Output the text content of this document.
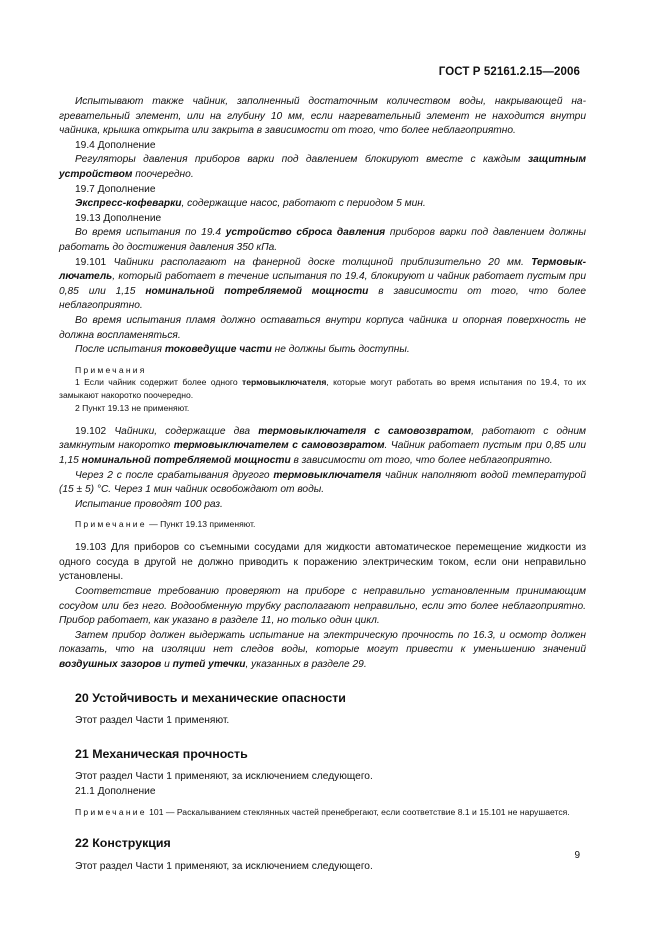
ГОСТ Р 52161.2.15—2006

Испытывают также чайник, заполненный достаточным количеством воды, накрывающей нагревательный элемент, или на глубину 10 мм, если нагревательный элемент не находится внутри чайника, крышка открыта или закрыта в зависимости от того, что более неблагоприятно.

19.4 Дополнение

Регуляторы давления приборов варки под давлением блокируют вместе с каждым защитным устройством поочередно.

19.7 Дополнение

Экспресс-кофеварки, содержащие насос, работают с периодом 5 мин.

19.13 Дополнение

Во время испытания по 19.4 устройство сброса давления приборов варки под давлением должны работать до достижения давления 350 кПа.

19.101 Чайники располагают на фанерной доске толщиной приблизительно 20 мм. Термовыключатель, который работает в течение испытания по 19.4, блокируют и чайник работает пустым при 0,85 или 1,15 номинальной потребляемой мощности в зависимости от того, что более неблагоприятно.

Во время испытания пламя должно оставаться внутри корпуса чайника и опорная поверхность не должна воспламеняться.

После испытания токоведущие части не должны быть доступны.

Примечания

1 Если чайник содержит более одного термовыключателя, которые могут работать во время испытания по 19.4, то их замыкают накоротко поочередно.

2 Пункт 19.13 не применяют.

19.102 Чайники, содержащие два термовыключателя с самовозвратом, работают с одним замкнутым накоротко термовыключателем с самовозвратом. Чайник работает пустым при 0,85 или 1,15 номинальной потребляемой мощности в зависимости от того, что более неблагоприятно.

Через 2 с после срабатывания другого термовыключателя чайник наполняют водой температурой (15 ± 5) °С. Через 1 мин чайник освобождают от воды.

Испытание проводят 100 раз.

Примечание — Пункт 19.13 применяют.

19.103 Для приборов со съемными сосудами для жидкости автоматическое перемещение жидкости из одного сосуда в другой не должно приводить к поражению электрическим током, если они неправильно установлены.

Соответствие требованию проверяют на приборе с неправильно установленным принимающим сосудом или без него. Водообменную трубку располагают неправильно, если это более неблагоприятно. Прибор работает, как указано в разделе 11, но только один цикл.

Затем прибор должен выдержать испытание на электрическую прочность по 16.3, и осмотр должен показать, что на изоляции нет следов воды, которые могут привести к уменьшению значений воздушных зазоров и путей утечки, указанных в разделе 29.

20 Устойчивость и механические опасности

Этот раздел Части 1 применяют.

21 Механическая прочность

Этот раздел Части 1 применяют, за исключением следующего.

21.1 Дополнение

Примечание 101 — Раскалыванием стеклянных частей пренебрегают, если соответствие 8.1 и 15.101 не нарушается.

22 Конструкция

Этот раздел Части 1 применяют, за исключением следующего.

9
